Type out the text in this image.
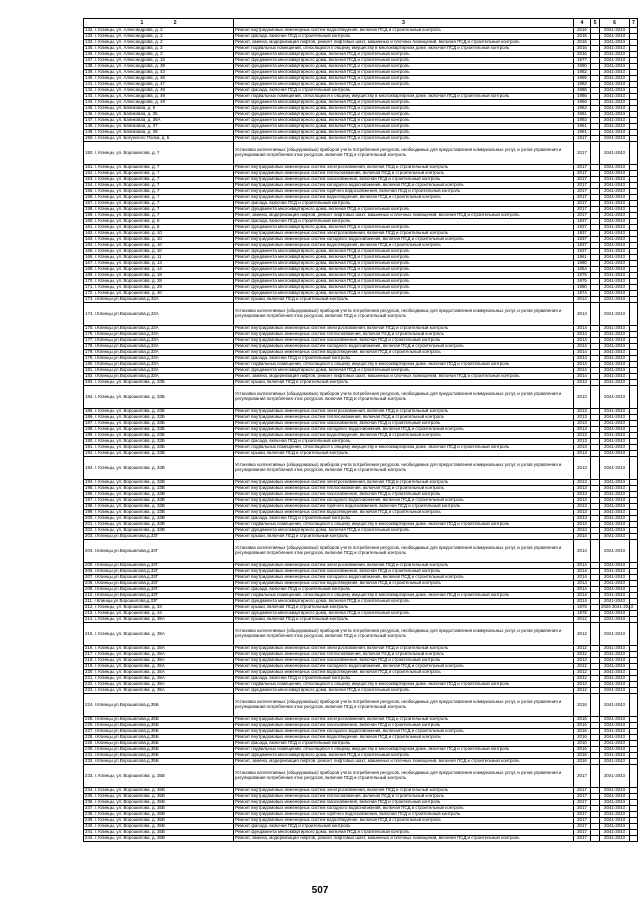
1 2	3	4	5	6	7
132. г. Клинцы, ул. Александрова, д. 2	Ремонт внутридомовых инженерных систем водоотведения, включая ПСД и строительный контроль	2016		2041-2043	
133. г. Клинцы, ул. Александрова, д. 2	Ремонт фасада, включая ПСД и строительный контроль	2016		2041-2043	
134. г. Клинцы, ул. Александрова, д. 2	Ремонт, замена, модернизация лифтов, ремонт лифтовых шахт, машинных и блочных помещений, включая ПСД и строительный контроль	2016		2041-2043	
135. г. Клинцы, ул. Александрова, д. 2	Ремонт подвальных помещений, относящихся к общему имуществу в многоквартирном доме, включая ПСД и строительный контроль	2016		2041-2043	
136. г. Клинцы, ул. Александрова, д. 2	Ремонт фундамента многоквартирного дома, включая ПСД и строительный контроль	2016		2041-2043	
137. г. Клинцы, ул. Александрова, д. 15	Ремонт фундамента многоквартирного дома, включая ПСД и строительный контроль	1977		2041-2043	
138. г. Клинцы, ул. Александрова, д. 39	Ремонт фундамента многоквартирного дома, включая ПСД и строительный контроль	1990		2041-2043	
139. г. Клинцы, ул. Александрова, д. 43	Ремонт фундамента многоквартирного дома, включая ПСД и строительный контроль	1982		2041-2043	
140. г. Клинцы, ул. Александрова, д. 45	Ремонт фундамента многоквартирного дома, включая ПСД и строительный контроль	1985		2041-2043	
141. г. Клинцы, ул. Александрова, д. 47	Ремонт фундамента многоквартирного дома, включая ПСД и строительный контроль	1982		2041-2043	
142. г. Клинцы, ул. Александрова, д. 49	Ремонт фасада, включая ПСД и строительный контроль	1986		2041-2043	
143. г. Клинцы, ул. Александрова, д. 49	Ремонт подвальных помещений, относящихся к общему имуществу в многоквартирном доме, включая ПСД и строительный контроль	1986		2041-2043	
144. г. Клинцы, ул. Александрова, д. 49	Ремонт фундамента многоквартирного дома, включая ПСД и строительный контроль	1986		2041-2043	
145. г. Клинцы, ул. Бапиковаа, д. 5	Ремонт фундамента многоквартирного дома, включая ПСД и строительный контроль	1962		2041-2043	
146. г. Клинцы, ул. Бапиковаа, д. 35	Ремонт фундамента многоквартирного дома, включая ПСД и строительный контроль	1961		2041-2043	
147. г. Клинцы, ул. Бапиковаа, д. 36А	Ремонт фундамента многоквартирного дома, включая ПСД и строительный контроль	1993		2041-2043	
148. г. Клинцы, ул. Бапиковаа, д. 37	Ремонт фундамента многоквартирного дома, включая ПСД и строительный контроль	1961		2041-2043	
149. г. Клинцы, ул. Бапиковаа, д. 38	Ремонт фундамента многоквартирного дома, включая ПСД и строительный контроль	1961		2041-2043	
150. г. Клинцы, ул. Богунского Полка, д. 5	Ремонт фундамента многоквартирного дома, включая ПСД и строительный контроль	1917		2041-2043	
150. г. Клинцы, ул. Ворошилова, д. 7	Установка коллективных (общедомовых) приборов учета потребления ресурсов, необходимых для предоставления коммунальных услуг, и узлов управления и регулирования потребления этих ресурсов, включая ПСД и строительный контроль	2017		2041-2043	
151. г. Клинцы, ул. Ворошилова, д. 7	Ремонт внутридомовых инженерных систем электроснабжения, включая ПСД и строительный контроль	2017		2041-2043	
152. г. Клинцы, ул. Ворошилова, д. 7	Ремонт внутридомовых инженерных систем теплоснабжения, включая ПСД и строительный контроль	2017		2041-2043	
153. г. Клинцы, ул. Ворошилова, д. 7	Ремонт внутридомовых инженерных систем газоснабжения, включая ПСД и строительный контроль	2017		2041-2043	
154. г. Клинцы, ул. Ворошилова, д. 7	Ремонт внутридомовых инженерных систем холодного водоснабжения, включая ПСД и строительный контроль	2017		2041-2043	
155. г. Клинцы, ул. Ворошилова, д. 7	Ремонт внутридомовых инженерных систем горячего водоснабжения, включая ПСД и строительный контроль	2017		2041-2043	
156. г. Клинцы, ул. Ворошилова, д. 7	Ремонт внутридомовых инженерных систем водоотведения, включая ПСД и строительный контроль	2017		2041-2043	
157. г. Клинцы, ул. Ворошилова, д. 7	Ремонт фасада, включая ПСД и строительный контроль	2017		2041-2043	
158. г. Клинцы, ул. Ворошилова, д. 7	Ремонт фундамента многоквартирного дома, включая ПСД и строительный контроль	2017		2041-2043	
159. г. Клинцы, ул. Ворошилова, д. 7	Ремонт, замена, модернизация лифтов, ремонт лифтовых шахт, машинных и блочных помещений, включая ПСД и строительный контроль	2017		2041-2043	
160. г. Клинцы, ул. Ворошилова, д. 8	Ремонт фасада, включая ПСД и строительный контроль	1937		2041-2043	
161. г. Клинцы, ул. Ворошилова, д. 8	Ремонт фундамента многоквартирного дома, включая ПСД и строительный контроль	1937		2041-2043	
162. г. Клинцы, ул. Ворошилова, д. 10	Ремонт внутридомовых инженерных систем электроснабжения, включая ПСД и строительный контроль	1937		2041-2043	
163. г. Клинцы, ул. Ворошилова, д. 10	Ремонт внутридомовых инженерных систем холодного водоснабжения, включая ПСД и строительный контроль	1937		2041-2043	
164. г. Клинцы, ул. Ворошилова, д. 10	Ремонт внутридомовых инженерных систем водоотведения, включая ПСД и строительный контроль	1937		2041-2043	
165. г. Клинцы, ул. Ворошилова, д. 10	Ремонт фундамента многоквартирного дома, включая ПСД и строительный контроль	1937		2041-2043	
166. г. Клинцы, ул. Ворошилова, д. 11	Ремонт фундамента многоквартирного дома, включая ПСД и строительный контроль	1961		2041-2043	
167. г. Клинцы, ул. Ворошилова, д. 13	Ремонт фундамента многоквартирного дома, включая ПСД и строительный контроль	1980		2041-2043	
168. г. Клинцы, ул. Ворошилова, д. 14	Ремонт фундамента многоквартирного дома, включая ПСД и строительный контроль	1954		2041-2043	
169. г. Клинцы, ул. Ворошилова, д. 18	Ремонт фундамента многоквартирного дома, включая ПСД и строительный контроль	1975		2041-2043	
170. г. Клинцы, ул. Ворошилова, д. 28	Ремонт фундамента многоквартирного дома, включая ПСД и строительный контроль	1975		2041-2043	
171. г. Клинцы, ул. Ворошилова, д. 29	Ремонт фундамента многоквартирного дома, включая ПСД и строительный контроль	1980		2041-2043	
172. г. Клинцы, ул. Ворошилова, д. 30	Ремонт фундамента многоквартирного дома, включая ПСД и строительный контроль	1974		2041-2043	
173. г.Клинцы,ул.Ворошилова,д.33А	Ремонт крыши, включая ПСД и строительный контроль	2014		2041-2043	
174. г.Клинцы,ул.Ворошилова,д.33А	Установка коллективных (общедомовых) приборов учета потребления ресурсов, необходимых для предоставления коммунальных услуг, и узлов управления и регулирования потребления этих ресурсов, включая ПСД и строительный контроль	2014		2041-2043	
175. г.Клинцы,ул.Ворошилова,д.33А	Ремонт внутридомовых инженерных систем электроснабжения, включая ПСД и строительный контроль	2014		2041-2043	
176. г.Клинцы,ул.Ворошилова,д.33А	Ремонт внутридомовых инженерных систем теплоснабжения, включая ПСД и строительный контроль	2014		2041-2043	
177. г.Клинцы,ул.Ворошилова,д.33А	Ремонт внутридомовых инженерных систем газоснабжения, включая ПСД и строительный контроль	2014		2041-2043	
178. г.Клинцы,ул.Ворошилова,д.33А	Ремонт внутридомовых инженерных систем холодного водоснабжения, включая ПСД и строительный контроль	2014		2041-2043	
179. г.Клинцы,ул.Ворошилова,д.33А	Ремонт внутридомовых инженерных систем водоотведения, включая ПСД и строительный контроль	2014		2041-2043	
179. г.Клинцы,ул.Ворошилова,д.33А	Ремонт фасада, включая ПСД и строительный контроль	2014		2041-2043	
180. г.Клинцы,ул.Ворошилова,д.33А	Ремонт подвальных помещений, относящихся к общему имуществу в многоквартирном доме, включая ПСД и строительный контроль	2014		2041-2043	
181. г.Клинцы,ул.Ворошилова,д.33А	Ремонт фундамента многоквартирного дома, включая ПСД и строительный контроль	2014		2041-2043	
182. г.Клинцы,ул.Ворошилова,д.33А	Ремонт, замена, модернизация лифтов, ремонт лифтовых шахт, машинных и блочных помещений, включая ПСД и строительный контроль	2014		2041-2043	
183. г. Клинцы, ул. Ворошилова, д. 33Б	Ремонт крыши, включая ПСД и строительный контроль	2013		2041-2043	
184. г. Клинцы, ул. Ворошилова, д. 33Б	Установка коллективных (общедомовых) приборов учета потребления ресурсов, необходимых для предоставления коммунальных услуг, и узлов управления и регулирования потребления этих ресурсов, включая ПСД и строительный контроль	2013		2041-2043	
185. г. Клинцы, ул. Ворошилова, д. 33Б	Ремонт внутридомовых инженерных систем электроснабжения, включая ПСД и строительный контроль	2013		2041-2043	
186. г. Клинцы, ул. Ворошилова, д. 33Б	Ремонт внутридомовых инженерных систем теплоснабжения, включая ПСД и строительный контроль	2013		2041-2043	
187. г. Клинцы, ул. Ворошилова, д. 33Б	Ремонт внутридомовых инженерных систем газоснабжения, включая ПСД и строительный контроль	2013		2041-2043	
188. г. Клинцы, ул. Ворошилова, д. 33Б	Ремонт внутридомовых инженерных систем холодного водоснабжения, включая ПСД и строительный контроль	2013		2041-2043	
189. г. Клинцы, ул. Ворошилова, д. 33Б	Ремонт внутридомовых инженерных систем водоотведения, включая ПСД и строительный контроль	2013		2041-2043	
190. г. Клинцы, ул. Ворошилова, д. 33Б	Ремонт фасада, включая ПСД и строительный контроль	2013		2041-2043	
191. г. Клинцы, ул. Ворошилова, д. 33Б	Ремонт подвальных помещений, относящихся к общему имуществу в многоквартирном доме, включая ПСД и строительный контроль	2013		2041-2043	
192. г. Клинцы, ул. Ворошилова, д. 33В	Ремонт крыши, включая ПСД и строительный контроль	2013		2041-2043	
193. г. Клинцы, ул. Ворошилова, д. 33В	Установка коллективных (общедомовых) приборов учета потребления ресурсов, необходимых для предоставления коммунальных услуг, и узлов управления и регулирования потребления этих ресурсов, включая ПСД и строительный контроль	2013		2041-2043	
194. г. Клинцы, ул. Ворошилова, д. 33В	Ремонт внутридомовых инженерных систем электроснабжения, включая ПСД и строительный контроль	2013		2041-2043	
195. г. Клинцы, ул. Ворошилова, д. 33В	Ремонт внутридомовых инженерных систем теплоснабжения, включая ПСД и строительный контроль	2013		2041-2043	
196. г. Клинцы, ул. Ворошилова, д. 33В	Ремонт внутридомовых инженерных систем газоснабжения, включая ПСД и строительный контроль	2013		2041-2043	
197. г. Клинцы, ул. Ворошилова, д. 33В	Ремонт внутридомовых инженерных систем холодного водоснабжения, включая ПСД и строительный контроль	2013		2041-2043	
198. г. Клинцы, ул. Ворошилова, д. 33В	Ремонт внутридомовых инженерных систем горячего водоснабжения, включая ПСД и строительный контроль	2013		2041-2043	
199. г. Клинцы, ул. Ворошилова, д. 33В	Ремонт внутридомовых инженерных систем водоотведения, включая ПСД и строительный контроль	2013		2041-2043	
200. г. Клинцы, ул. Ворошилова, д. 33В	Ремонт фасада, включая ПСД и строительный контроль	2013		2041-2043	
201. г. Клинцы, ул. Ворошилова, д. 33В	Ремонт подвальных помещений, относящихся к общему имуществу в многоквартирном доме, включая ПСД и строительный контроль	2013		2041-2043	
202. г. Клинцы, ул. Ворошилова, д. 33В	Ремонт фундамента многоквартирного дома, включая ПСД и строительный контроль	2013		2041-2043	
203. г.Клинцы,ул.Ворошилова,д.33Г	Ремонт крыши, включая ПСД и строительный контроль	2014		2041-2043	
204. г.Клинцы,ул.Ворошилова,д.33Г	Установка коллективных (общедомовых) приборов учета потребления ресурсов, необходимых для предоставления коммунальных услуг, и узлов управления и регулирования потребления этих ресурсов, включая ПСД и строительный контроль	2014		2041-2043	
205. г.Клинцы,ул.Ворошилова,д.33Г	Ремонт внутридомовых инженерных систем электроснабжения, включая ПСД и строительный контроль	2014		2041-2043	
206. г.Клинцы,ул.Ворошилова,д.33Г	Ремонт внутридомовых инженерных систем газоснабжения, включая ПСД и строительный контроль	2014		2041-2043	
207. г.Клинцы,ул.Ворошилова,д.33Г	Ремонт внутридомовых инженерных систем холодного водоснабжения, включая ПСД и строительный контроль	2014		2041-2043	
208. г.Клинцы,ул.Ворошилова,д.33Г	Ремонт внутридомовых инженерных систем водоотведения, включая ПСД и строительный контроль	2014		2041-2043	
209. г.Клинцы,ул.Ворошилова,д.33Г	Ремонт фасада, включая ПСД и строительный контроль	2014		2041-2043	
210. г.Клинцы,ул.Ворошилова,д.33Г	Ремонт подвальных помещений, относящихся к общему имуществу в многоквартирном доме, включая ПСД и строительный контроль	2014		2041-2043	
211. г.Клинцы,ул.Ворошилова,д.33Г	Ремонт фундамента многоквартирного дома, включая ПСД и строительный контроль	2014		2041-2043	
212. г. Клинцы, ул. Ворошилова, д. 34	Ремонт крыши, включая ПСД и строительный контроль	1975		2026 2041-2043	
213. г. Клинцы, ул. Ворошилова, д. 34	Ремонт фундамента многоквартирного дома, включая ПСД и строительный контроль	1975		2041-2043	
214. г. Клинцы, ул. Ворошилова, д. 35А	Ремонт крыши, включая ПСД и строительный контроль	2012		2041-2043	
215. г. Клинцы, ул. Ворошилова, д. 35А	Установка коллективных (общедомовых) приборов учета потребления ресурсов, необходимых для предоставления коммунальных услуг, и узлов управления и регулирования потребления этих ресурсов, включая ПСД и строительный контроль	2012		2041-2043	
216. г. Клинцы, ул. Ворошилова, д. 35А	Ремонт внутридомовых инженерных систем электроснабжения, включая ПСД и строительный контроль	2012		2041-2043	
217. г. Клинцы, ул. Ворошилова, д. 35А	Ремонт внутридомовых инженерных систем теплоснабжения, включая ПСД и строительный контроль	2012		2041-2043	
218. г. Клинцы, ул. Ворошилова, д. 35А	Ремонт внутридомовых инженерных систем газоснабжения, включая ПСД и строительный контроль	2012		2041-2043	
219. г. Клинцы, ул. Ворошилова, д. 35А	Ремонт внутридомовых инженерных систем холодного водоснабжения, включая ПСД и строительный контроль	2012		2041-2043	
220. г. Клинцы, ул. Ворошилова, д. 35А	Ремонт внутридомовых инженерных систем водоотведения, включая ПСД и строительный контроль	2012		2041-2043	
221. г. Клинцы, ул. Ворошилова, д. 35А	Ремонт фасада, включая ПСД и строительный контроль	2012		2041-2043	
222. г. Клинцы, ул. Ворошилова, д. 35А	Ремонт подвальных помещений, относящихся к общему имуществу в многоквартирном доме, включая ПСД и строительный контроль	2012		2041-2043	
223. г. Клинцы, ул. Ворошилова, д. 35А	Ремонт фундамента многоквартирного дома, включая ПСД и строительный контроль	2012		2041-2043	
224. г.Клинцы,ул.Ворошилова,д.35Б	Установка коллективных (общедомовых) приборов учета потребления ресурсов, необходимых для предоставления коммунальных услуг, и узлов управления и регулирования потребления этих ресурсов, включая ПСД и строительный контроль	2016		2041-2043	
225. г.Клинцы,ул.Ворошилова,д.35Б	Ремонт внутридомовых инженерных систем электроснабжения, включая ПСД и строительный контроль	2016		2041-2043	
226. г.Клинцы,ул.Ворошилова,д.35Б	Ремонт внутридомовых инженерных систем газоснабжения, включая ПСД и строительный контроль	2016		2041-2043	
227. г.Клинцы,ул.Ворошилова,д.35Б	Ремонт внутридомовых инженерных систем холодного водоснабжения, включая ПСД и строительный контроль	2016		2041-2043	
228. г.Клинцы,ул.Ворошилова,д.35Б	Ремонт внутридомовых инженерных систем водоотведения, включая ПСД и строительный контроль	2016		2041-2043	
229. г.Клинцы,ул.Ворошилова,д.35Б	Ремонт фасада, включая ПСД и строительный контроль	2016		2041-2043	
230. г.Клинцы,ул.Ворошилова,д.35Б	Ремонт подвальных помещений, относящихся к общему имуществу в многоквартирном доме, включая ПСД и строительный контроль	2016		2041-2043	
231. г.Клинцы,ул.Ворошилова,д.35Б	Ремонт фундамента многоквартирного дома, включая ПСД и строительный контроль	2016		2041-2043	
232. г.Клинцы,ул.Ворошилова,д.35Б	Ремонт, замена, модернизация лифтов, ремонт лифтовых шахт, машинных и блочных помещений, включая ПСД и строительный контроль	2016		2041-2043	
233. г. Клинцы, ул. Ворошилова, д. 35В	Установка коллективных (общедомовых) приборов учета потребления ресурсов, необходимых для предоставления коммунальных услуг, и узлов управления и регулирования потребления этих ресурсов, включая ПСД и строительный контроль	2017		2041-2043	
234. г. Клинцы, ул. Ворошилова, д. 35В	Ремонт внутридомовых инженерных систем электроснабжения, включая ПСД и строительный контроль	2017		2041-2043	
235. г. Клинцы, ул. Ворошилова, д. 35В	Ремонт внутридомовых инженерных систем теплоснабжения, включая ПСД и строительный контроль	2017		2041-2043	
236. г. Клинцы, ул. Ворошилова, д. 35В	Ремонт внутридомовых инженерных систем газоснабжения, включая ПСД и строительный контроль	2017		2041-2043	
237. г. Клинцы, ул. Ворошилова, д. 35В	Ремонт внутридомовых инженерных систем холодного водоснабжения, включая ПСД и строительный контроль	2017		2041-2043	
238. г. Клинцы, ул. Ворошилова, д. 35В	Ремонт внутридомовых инженерных систем горячего водоснабжения, включая ПСД и строительный контроль	2017		2041-2043	
239. г. Клинцы, ул. Ворошилова, д. 35В	Ремонт внутридомовых инженерных систем водоотведения, включая ПСД и строительный контроль	2017		2041-2043	
240. г. Клинцы, ул. Ворошилова, д. 35В	Ремонт фасада, включая ПСД и строительный контроль	2017		2041-2043	
241. г. Клинцы, ул. Ворошилова, д. 35В	Ремонт фундамента многоквартирного дома, включая ПСД и строительный контроль	2017		2041-2043	
242. г. Клинцы, ул. Ворошилова, д. 35В	Ремонт, замена, модернизация лифтов, ремонт лифтовых шахт, машинных и блочных помещений, включая ПСД и строительный контроль	2017		2041-2043	
507
